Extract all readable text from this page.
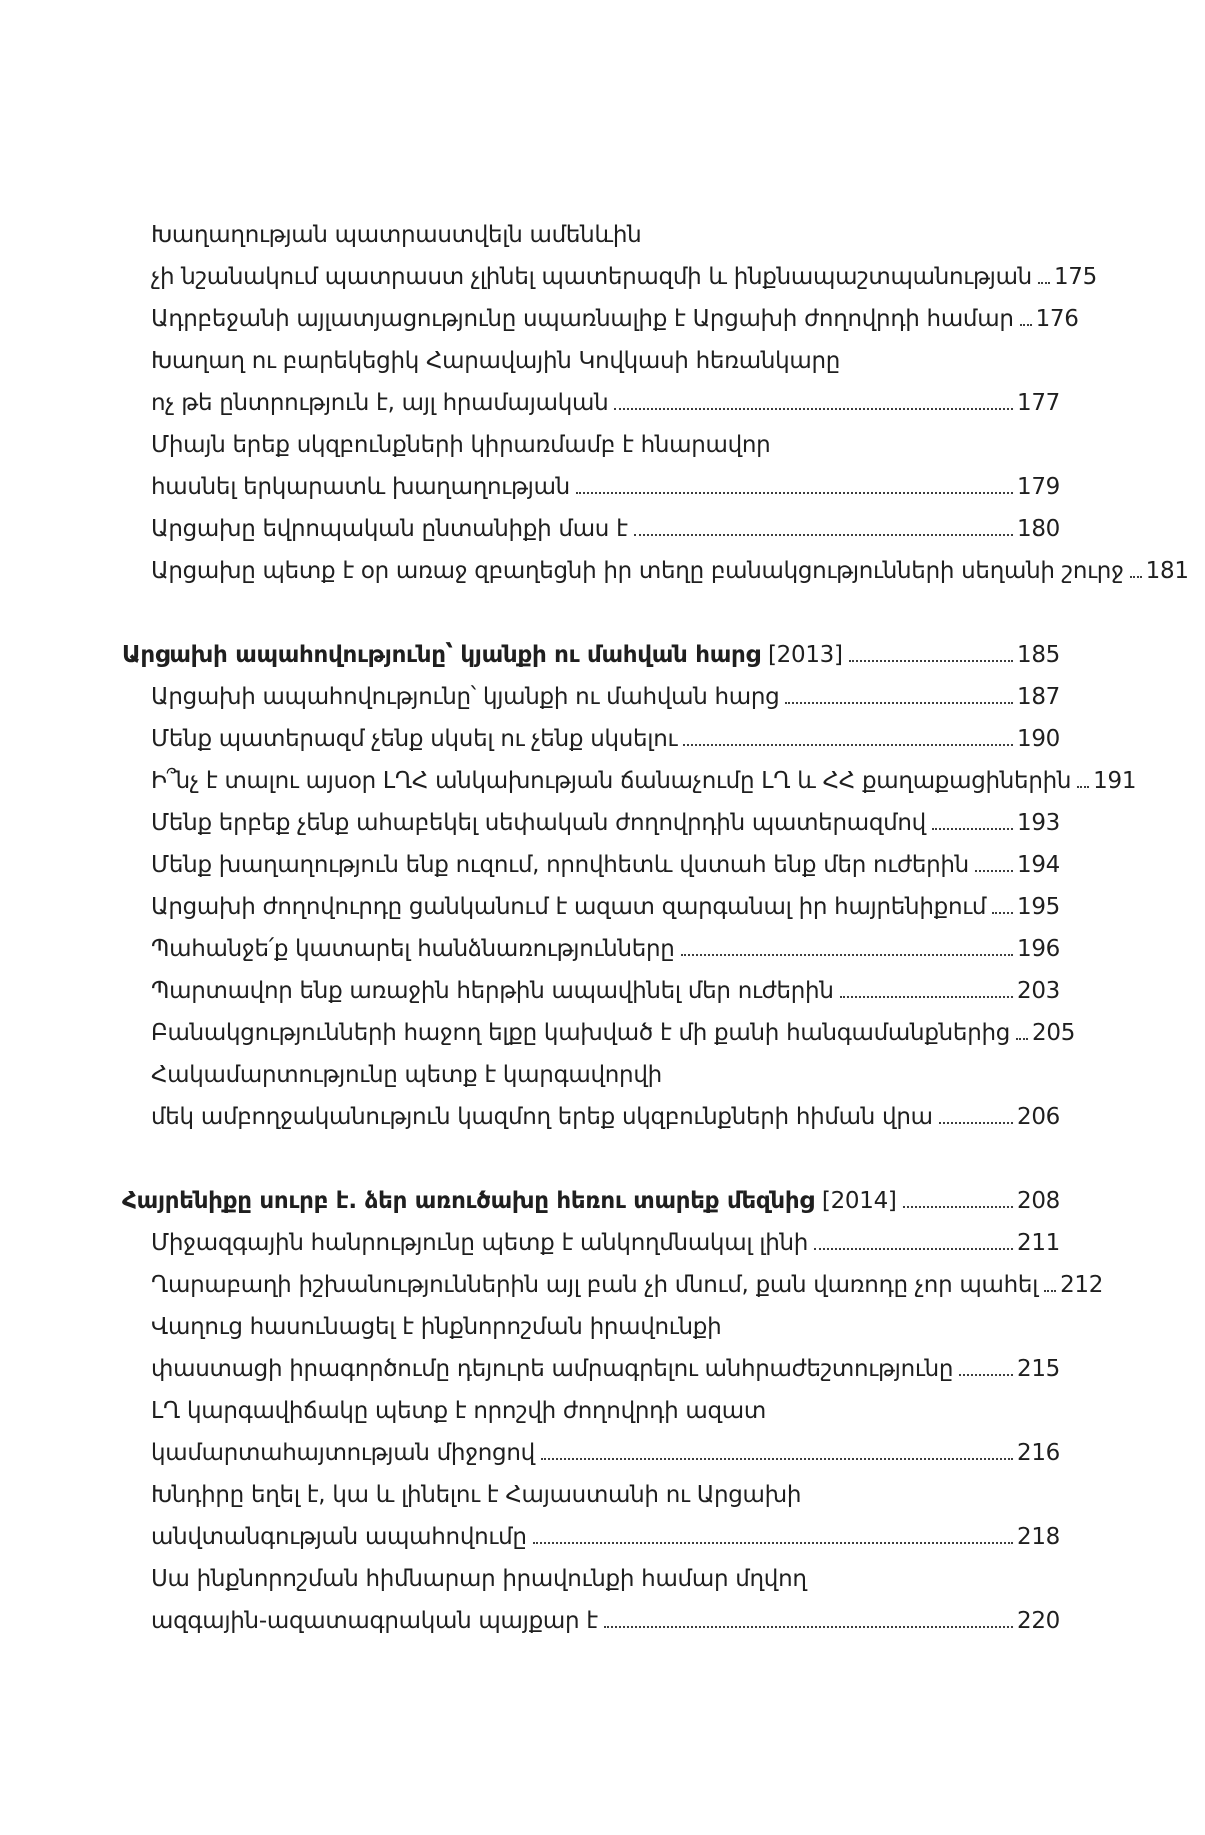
Խաղաղության պատրաստվելն ամենևին
չի նշանակում պատրաստ չլինել պատերազմի և ինքնապաշտպանության 175
Ադրբեջանի այլատյացությունը սպառնալիք է Արցախի ժողովրդի համար 176
Խաղաղ ու բարեկեցիկ Հարավային Կովկասի հեռանկարը
ոչ թե ընտրություն է, այլ հրամայական	177
Միայն երեք սկզբունքների կիրառմամբ է հնարավոր
հասնել երկարատև խաղաղության	179
Արցախը եվրոպական ընտանիքի մաս է	180
Արցախը պետք է օր առաջ զբաղեցնի իր տեղը բանակցությունների սեղանի շուրջ 181
Արցախի ապահովությունը՝ կյանքի ու մահվան հարց [2013]	185
Արցախի ապահովությունը՝ կյանքի ու մահվան հարց	187
Մենք պատերազմ չենք սկսել ու չենք սկսելու	190
Ի՞նչ է տալու այսօր ԼՂՀ անկախության ճանաչումը ԼՂ և ՀՀ քաղաքացիներին 191
Մենք երբեք չենք ահաբեկել սեփական ժողովրդին պատերազմով	193
Մենք խաղաղություն ենք ուզում, որովհետև վստահ ենք մեր ուժերին 194
Արցախի ժողովուրդը ցանկանում է ազատ զարգանալ իր հայրենիքում 195
Պահանջե՛ք կատարել հանձնառությունները	196
Պարտավոր ենք առաջին հերթին ապավինել մեր ուժերին	203
Բանակցությունների հաջող ելքը կախված է մի քանի հանգամանքներից 205
Հակամարտությունը պետք է կարգավորվի
մեկ ամբողջականություն կազմող երեք սկզբունքների հիման վրա	206
Հայրենիքը սուրբ է. ձեր առուծախը հեռու տարեք մեզնից [2014]	208
Միջազգային հանրությունը պետք է անկողմնակալ լինի	211
Ղարաբաղի իշխանություններին այլ բան չի մնում, քան վառոդը չոր պահել 212
Վաղուց հասունացել է ինքնորոշման իրավունքի
փաստացի իրագործումը դեյուրե ամրագրելու անհրաժեշտությունը	215
ԼՂ կարգավիճակը պետք է որոշվի ժողովրդի ազատ
կամարտահայտության միջոցով	216
Խնդիրը եղել է, կա և լինելու է Հայաստանի ու Արցախի
անվտանգության ապահովումը	218
Սա ինքնորոշման հիմնարար իրավունքի համար մղվող
ազգային-ազատագրական պայքար է	220
